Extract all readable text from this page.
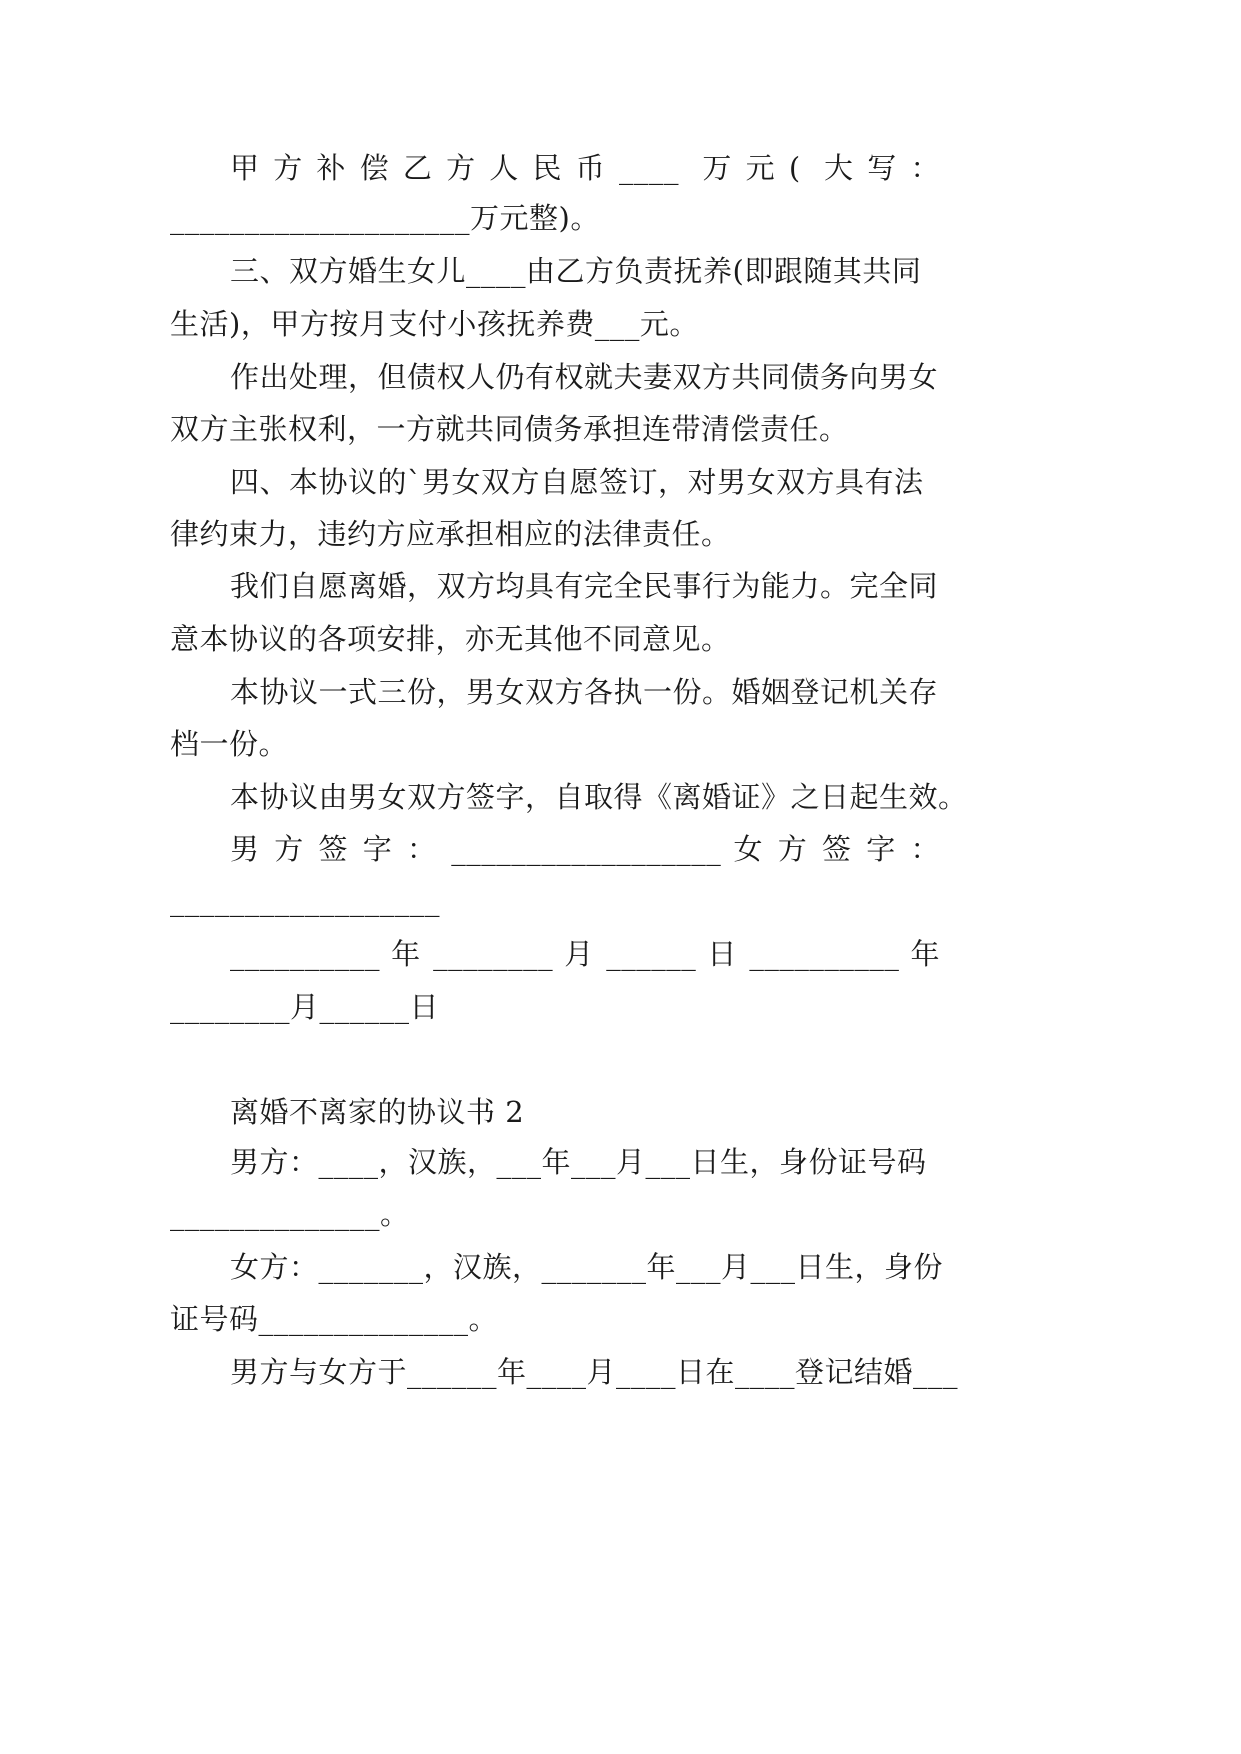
甲 方 补 偿 乙 方 人 民 币 ____  万 元 (  大 写 ：
____________________万元整)。
三、双方婚生女儿____由乙方负责抚养(即跟随其共同
生活)，甲方按月支付小孩抚养费___元。
作出处理，但债权人仍有权就夫妻双方共同债务向男女
双方主张权利，一方就共同债务承担连带清偿责任。
四、本协议的`男女双方自愿签订，对男女双方具有法
律约束力，违约方应承担相应的法律责任。
我们自愿离婚，双方均具有完全民事行为能力。完全同
意本协议的各项安排，亦无其他不同意见。
本协议一式三份，男女双方各执一份。婚姻登记机关存
档一份。
本协议由男女双方签字，自取得《离婚证》之日起生效。
男 方 签 字 ： __________________ 女 方 签 字 ：
__________________
__________ 年 ________ 月 ______ 日 __________ 年
________月______日
离婚不离家的协议书 2
男方：____，汉族，___年___月___日生，身份证号码
______________。
女方：_______，汉族，_______年___月___日生，身份
证号码______________。
男方与女方于______年____月____日在____登记结婚___
